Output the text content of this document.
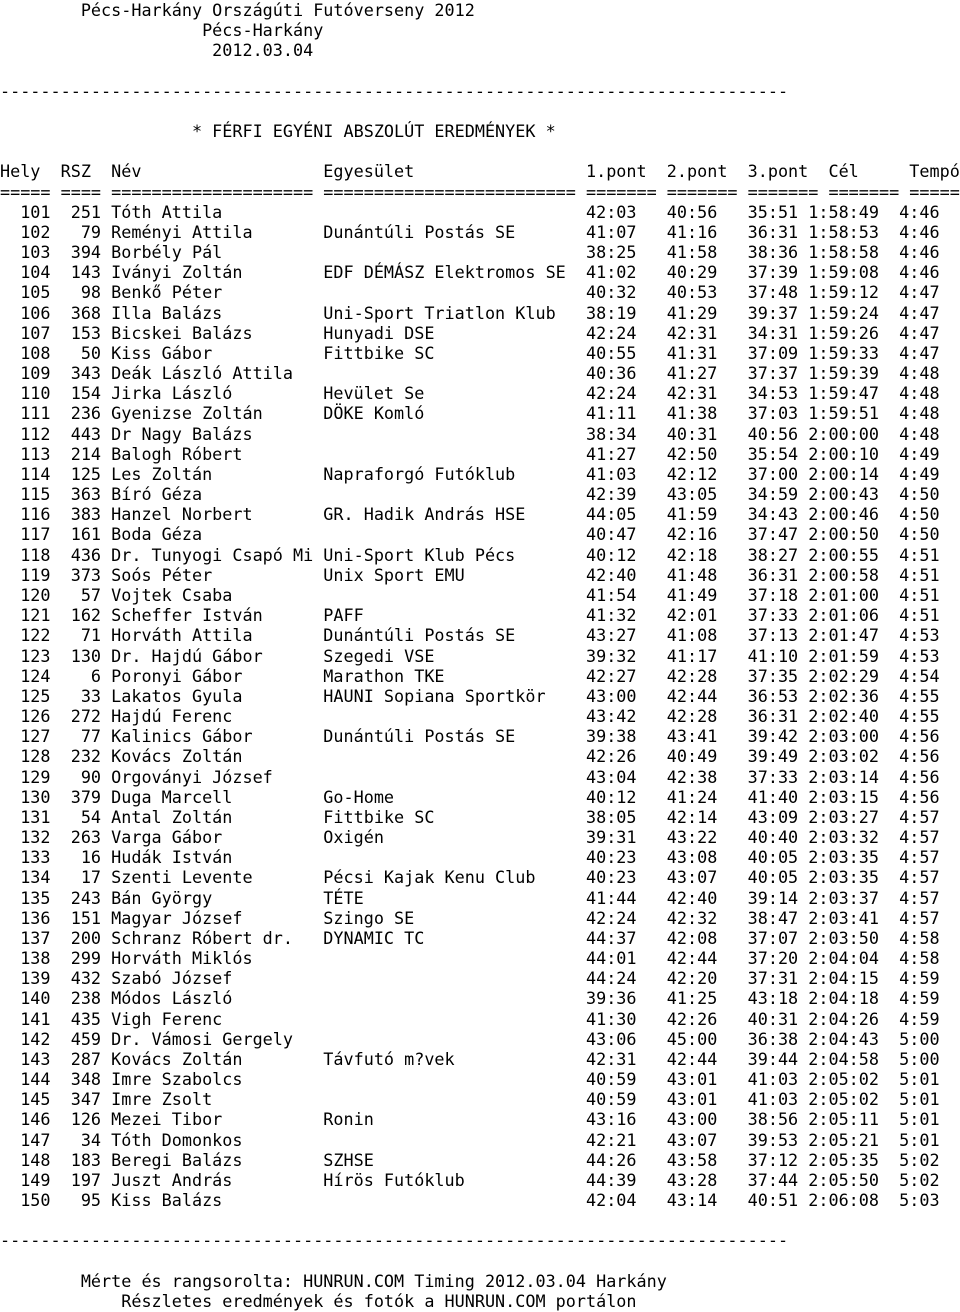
Pécs-Harkány Országúti Futóverseny 2012
Pécs-Harkány
2012.03.04

------------------------------------------------------------------------------

* FÉRFI EGYÉNI ABSZOLÚT EREDMÉNYEK *

Hely  RSZ  Név                  Egyesület                 1.pont  2.pont  3.pont  Cél     Tempó
===== ==== ==================== ========================= ======= ======= ======= ======= =====
101  251 Tóth Attila                                    42:03   40:56   35:51 1:58:49  4:46
102   79 Reményi Attila       Dunántúli Postás SE       41:07   41:16   36:31 1:58:53  4:46
103  394 Borbély Pál                                    38:25   41:58   38:36 1:58:58  4:46
104  143 Iványi Zoltán        EDF DÉMÁSZ Elektromos SE  41:02   40:29   37:39 1:59:08  4:46
105   98 Benkő Péter                                    40:32   40:53   37:48 1:59:12  4:47
106  368 Illa Balázs          Uni-Sport Triatlon Klub   38:19   41:29   39:37 1:59:24  4:47
107  153 Bicskei Balázs       Hunyadi DSE               42:24   42:31   34:31 1:59:26  4:47
108   50 Kiss Gábor           Fittbike SC               40:55   41:31   37:09 1:59:33  4:47
109  343 Deák László Attila                             40:36   41:27   37:37 1:59:39  4:48
110  154 Jirka László         Hevület Se                42:24   42:31   34:53 1:59:47  4:48
111  236 Gyenizse Zoltán      DÖKE Komló                41:11   41:38   37:03 1:59:51  4:48
112  443 Dr Nagy Balázs                                 38:34   40:31   40:56 2:00:00  4:48
113  214 Balogh Róbert                                  41:27   42:50   35:54 2:00:10  4:49
114  125 Les Zoltán           Napraforgó Futóklub       41:03   42:12   37:00 2:00:14  4:49
115  363 Bíró Géza                                      42:39   43:05   34:59 2:00:43  4:50
116  383 Hanzel Norbert       GR. Hadik András HSE      44:05   41:59   34:43 2:00:46  4:50
117  161 Boda Géza                                      40:47   42:16   37:47 2:00:50  4:50
118  436 Dr. Tunyogi Csapó Mi Uni-Sport Klub Pécs       40:12   42:18   38:27 2:00:55  4:51
119  373 Soós Péter           Unix Sport EMU            42:40   41:48   36:31 2:00:58  4:51
120   57 Vojtek Csaba                                   41:54   41:49   37:18 2:01:00  4:51
121  162 Scheffer István      PAFF                      41:32   42:01   37:33 2:01:06  4:51
122   71 Horváth Attila       Dunántúli Postás SE       43:27   41:08   37:13 2:01:47  4:53
123  130 Dr. Hajdú Gábor      Szegedi VSE               39:32   41:17   41:10 2:01:59  4:53
124    6 Poronyi Gábor        Marathon TKE              42:27   42:28   37:35 2:02:29  4:54
125   33 Lakatos Gyula        HAUNI Sopiana Sportkör    43:00   42:44   36:53 2:02:36  4:55
126  272 Hajdú Ferenc                                   43:42   42:28   36:31 2:02:40  4:55
127   77 Kalinics Gábor       Dunántúli Postás SE       39:38   43:41   39:42 2:03:00  4:56
128  232 Kovács Zoltán                                  42:26   40:49   39:49 2:03:02  4:56
129   90 Orgoványi József                               43:04   42:38   37:33 2:03:14  4:56
130  379 Duga Marcell         Go-Home                   40:12   41:24   41:40 2:03:15  4:56
131   54 Antal Zoltán         Fittbike SC               38:05   42:14   43:09 2:03:27  4:57
132  263 Varga Gábor          Oxigén                    39:31   43:22   40:40 2:03:32  4:57
133   16 Hudák István                                   40:23   43:08   40:05 2:03:35  4:57
134   17 Szenti Levente       Pécsi Kajak Kenu Club     40:23   43:07   40:05 2:03:35  4:57
135  243 Bán György           TÉTE                      41:44   42:40   39:14 2:03:37  4:57
136  151 Magyar József        Szingo SE                 42:24   42:32   38:47 2:03:41  4:57
137  200 Schranz Róbert dr.   DYNAMIC TC                44:37   42:08   37:07 2:03:50  4:58
138  299 Horváth Miklós                                 44:01   42:44   37:20 2:04:04  4:58
139  432 Szabó József                                   44:24   42:20   37:31 2:04:15  4:59
140  238 Módos László                                   39:36   41:25   43:18 2:04:18  4:59
141  435 Vigh Ferenc                                    41:30   42:26   40:31 2:04:26  4:59
142  459 Dr. Vámosi Gergely                             43:06   45:00   36:38 2:04:43  5:00
143  287 Kovács Zoltán        Távfutó m?vek             42:31   42:44   39:44 2:04:58  5:00
144  348 Imre Szabolcs                                  40:59   43:01   41:03 2:05:02  5:01
145  347 Imre Zsolt                                     40:59   43:01   41:03 2:05:02  5:01
146  126 Mezei Tibor          Ronin                     43:16   43:00   38:56 2:05:11  5:01
147   34 Tóth Domonkos                                  42:21   43:07   39:53 2:05:21  5:01
148  183 Beregi Balázs        SZHSE                     44:26   43:58   37:12 2:05:35  5:02
149  197 Juszt András         Hírös Futóklub            44:39   43:28   37:44 2:05:50  5:02
150   95 Kiss Balázs                                    42:04   43:14   40:51 2:06:08  5:03

------------------------------------------------------------------------------

Mérte és rangsorolta: HUNRUN.COM Timing 2012.03.04 Harkány
Részletes eredmények és fotók a HUNRUN.COM portálon
